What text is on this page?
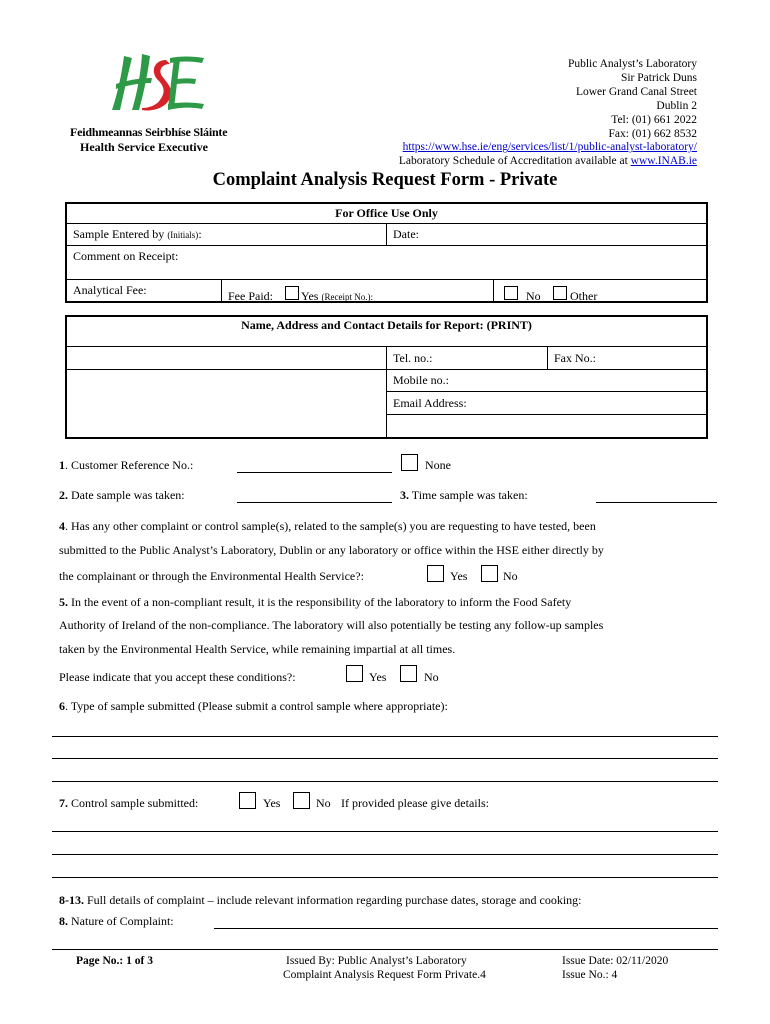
Feidhmeannas Seirbhíse Sláinte
Health Service Executive
Public Analyst’s Laboratory
Sir Patrick Duns
Lower Grand Canal Street
Dublin 2
Tel: (01) 661 2022
Fax: (01) 662 8532
https://www.hse.ie/eng/services/list/1/public-analyst-laboratory/
Laboratory Schedule of Accreditation available at www.INAB.ie
Complaint Analysis Request Form - Private
For Office Use Only
Sample Entered by (Initials):	Date:
Comment on Receipt:
Analytical Fee:	Fee Paid: Yes (Receipt No.):	No Other
Name, Address and Contact Details for Report: (PRINT)
Tel. no.:	Fax No.:
Mobile no.:
Email Address:
1. Customer Reference No.:	None
2. Date sample was taken:	3. Time sample was taken:
4. Has any other complaint or control sample(s), related to the sample(s) you are requesting to have tested, been
submitted to the Public Analyst’s Laboratory, Dublin or any laboratory or office within the HSE either directly by
the complainant or through the Environmental Health Service?:	Yes	No
5. In the event of a non-compliant result, it is the responsibility of the laboratory to inform the Food Safety
Authority of Ireland of the non-compliance. The laboratory will also potentially be testing any follow-up samples
taken by the Environmental Health Service, while remaining impartial at all times.
Please indicate that you accept these conditions?:	Yes	No
6. Type of sample submitted (Please submit a control sample where appropriate):
7. Control sample submitted:	Yes	No If provided please give details:
8-13. Full details of complaint – include relevant information regarding purchase dates, storage and cooking:
8. Nature of Complaint:
Page No.: 1 of 3	Issued By: Public Analyst’s Laboratory
Complaint Analysis Request Form Private.4
Issue Date: 02/11/2020
Issue No.: 4
